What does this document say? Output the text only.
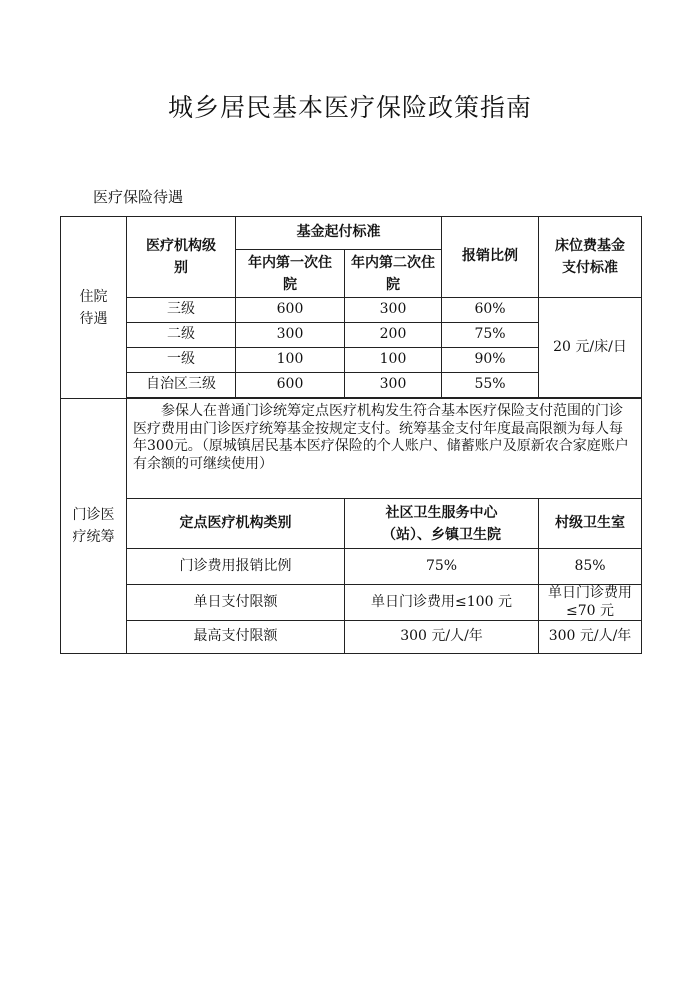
城乡居民基本医疗保险政策指南
医疗保险待遇
住院待遇	医疗机构级别	基金起付标准		报销比例	床位费基金支付标准
		年内第一次住院	年内第二次住院		
	三级	600	300	60%	20 元/床/日
	二级	300	200	75%	
	一级	100	100	90%	
	自治区三级	600	300	55%	

门诊医疗统筹	参保人在普通门诊统筹定点医疗机构发生符合基本医疗保险支付范围的门诊医疗费用由门诊医疗统筹基金按规定支付。统筹基金支付年度最高限额为每人每年300元。（原城镇居民基本医疗保险的个人账户、储蓄账户及原新农合家庭账户有余额的可继续使用）				
	定点医疗机构类别		社区卫生服务中心（站）、乡镇卫生院		村级卫生室
	门诊费用报销比例		75%		85%
	单日支付限额		单日门诊费用≤100 元		单日门诊费用≤70 元
	最高支付限额		300 元/人/年		300 元/人/年
